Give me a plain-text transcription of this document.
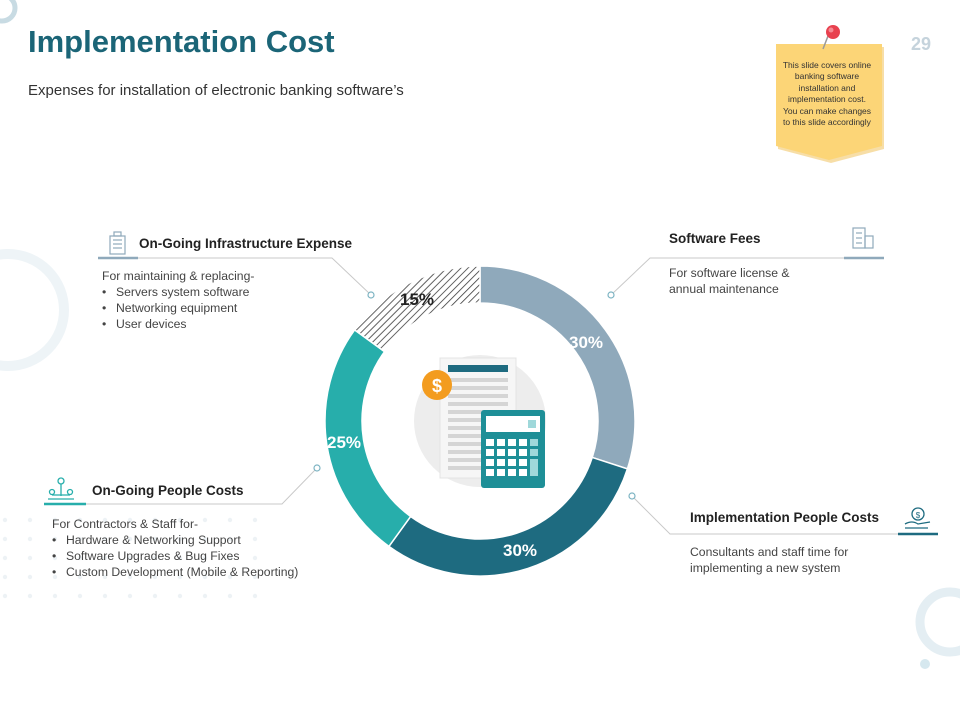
Implementation Cost
Expenses for installation of electronic banking software’s
29
This slide covers online banking software installation and implementation cost. You can make changes to this slide accordingly
$
$
30%
30%
25%
15%
On-Going Infrastructure Expense
For maintaining & replacing-
• Servers system software
• Networking equipment
• User devices
Software Fees
For software license &
annual maintenance
On-Going People Costs
For Contractors & Staff for-
• Hardware & Networking Support
• Software Upgrades & Bug Fixes
• Custom Development (Mobile & Reporting)
Implementation People Costs
Consultants and staff time for
implementing a new system
